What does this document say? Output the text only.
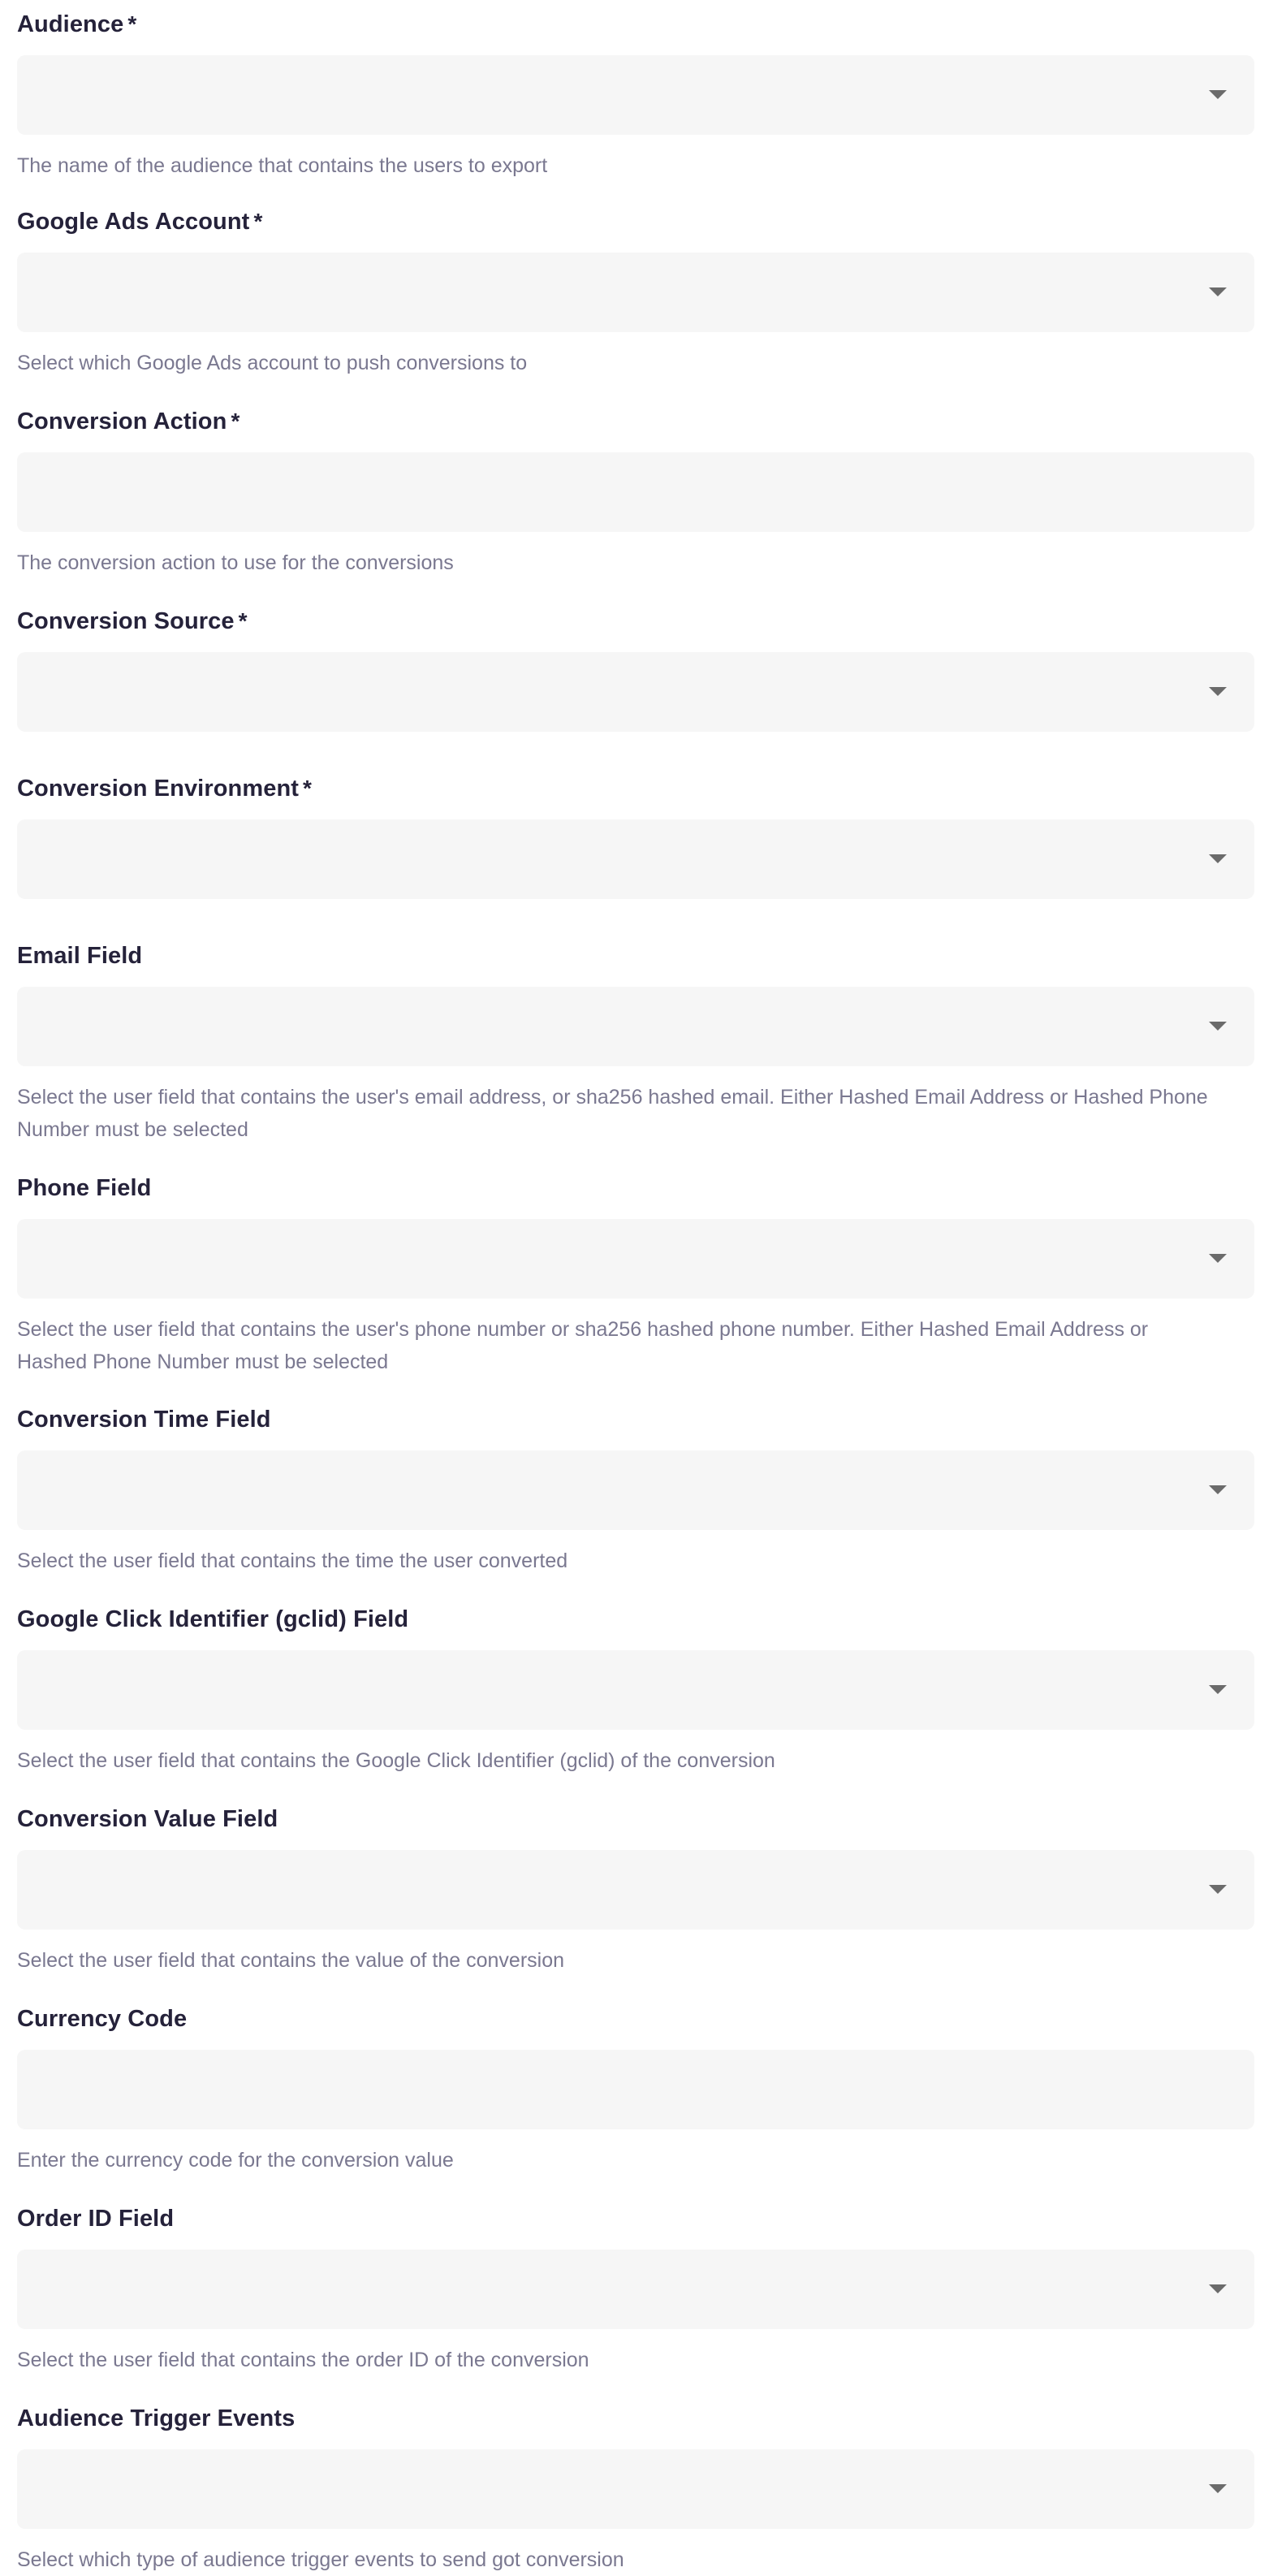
Audience *
The name of the audience that contains the users to export
Google Ads Account *
Select which Google Ads account to push conversions to
Conversion Action *
The conversion action to use for the conversions
Conversion Source *
Conversion Environment *
Email Field
Select the user field that contains the user's email address, or sha256 hashed email. Either Hashed Email Address or Hashed Phone Number must be selected
Phone Field
Select the user field that contains the user's phone number or sha256 hashed phone number. Either Hashed Email Address or Hashed Phone Number must be selected
Conversion Time Field
Select the user field that contains the time the user converted
Google Click Identifier (gclid) Field
Select the user field that contains the Google Click Identifier (gclid) of the conversion
Conversion Value Field
Select the user field that contains the value of the conversion
Currency Code
Enter the currency code for the conversion value
Order ID Field
Select the user field that contains the order ID of the conversion
Audience Trigger Events
Select which type of audience trigger events to send got conversion
